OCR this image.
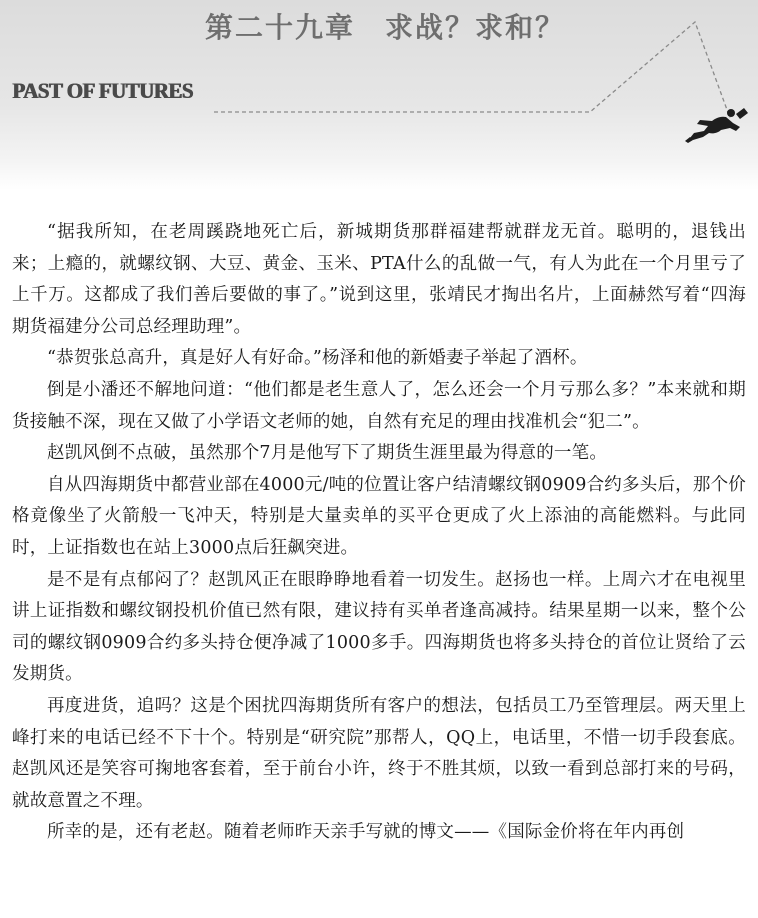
第二十九章　求战？求和？
PAST OF FUTURES

“据我所知，在老周蹊跷地死亡后，新城期货那群福建帮就群龙无首。聪明的，退钱出来；上瘾的，就螺纹钢、大豆、黄金、玉米、PTA什么的乱做一气，有人为此在一个月里亏了上千万。这都成了我们善后要做的事了。”说到这里，张靖民才掏出名片，上面赫然写着“四海期货福建分公司总经理助理”。

“恭贺张总高升，真是好人有好命。”杨泽和他的新婚妻子举起了酒杯。

倒是小潘还不解地问道：“他们都是老生意人了，怎么还会一个月亏那么多？”本来就和期货接触不深，现在又做了小学语文老师的她，自然有充足的理由找准机会“犯二”。

赵凯风倒不点破，虽然那个7月是他写下了期货生涯里最为得意的一笔。

自从四海期货中都营业部在4000元/吨的位置让客户结清螺纹钢0909合约多头后，那个价格竟像坐了火箭般一飞冲天，特别是大量卖单的买平仓更成了火上添油的高能燃料。与此同时，上证指数也在站上3000点后狂飙突进。

是不是有点郁闷了？赵凯风正在眼睁睁地看着一切发生。赵扬也一样。上周六才在电视里讲上证指数和螺纹钢投机价值已然有限，建议持有买单者逢高减持。结果星期一以来，整个公司的螺纹钢0909合约多头持仓便净减了1000多手。四海期货也将多头持仓的首位让贤给了云发期货。

再度进货，追吗？这是个困扰四海期货所有客户的想法，包括员工乃至管理层。两天里上峰打来的电话已经不下十个。特别是“研究院”那帮人，QQ上，电话里，不惜一切手段套底。赵凯风还是笑容可掬地客套着，至于前台小许，终于不胜其烦，以致一看到总部打来的号码，就故意置之不理。

所幸的是，还有老赵。随着老师昨天亲手写就的博文——《国际金价将在年内再创
